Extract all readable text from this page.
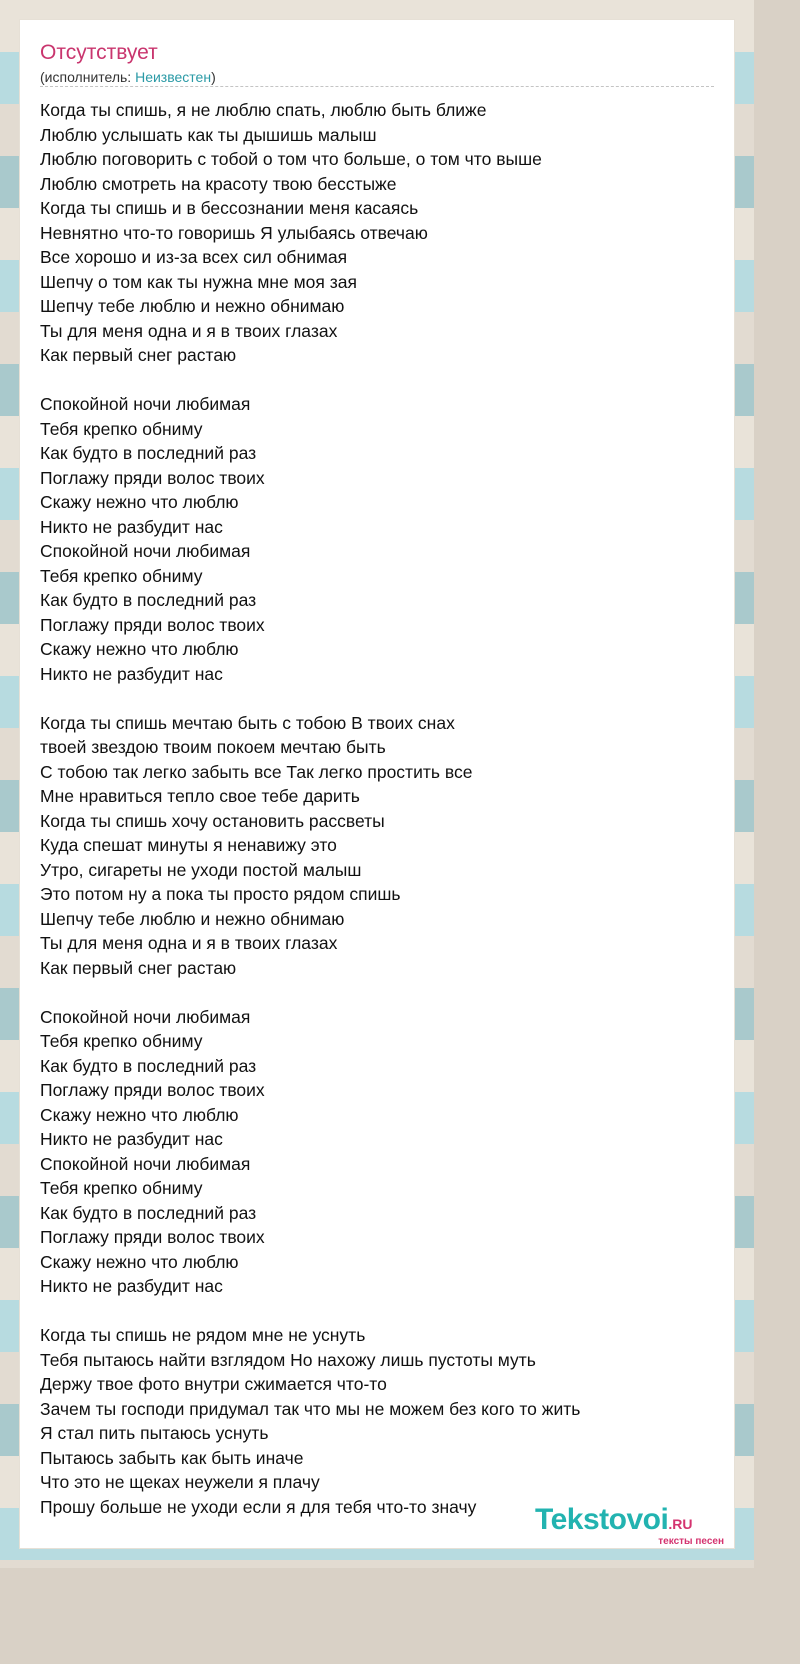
Отсутствует
(исполнитель: Неизвестен)
Когда ты спишь, я не люблю спать, люблю быть ближе
Люблю услышать как ты дышишь малыш
Люблю поговорить с тобой о том что больше, о том что выше
Люблю смотреть на красоту твою бесстыже
Когда ты спишь и в бессознании меня касаясь
Невнятно что-то говоришь Я улыбаясь отвечаю
Все хорошо и из-за всех сил обнимая
Шепчу о том как ты нужна мне моя зая
Шепчу тебе люблю и нежно обнимаю
Ты для меня одна и я в твоих глазах
Как первый снег растаю
Спокойной ночи любимая
Тебя крепко обниму
Как будто в последний раз
Поглажу пряди волос твоих
Скажу нежно что люблю
Никто не разбудит нас
Спокойной ночи любимая
Тебя крепко обниму
Как будто в последний раз
Поглажу пряди волос твоих
Скажу нежно что люблю
Никто не разбудит нас
Когда ты спишь мечтаю быть с тобою В твоих снах
твоей звездою твоим покоем мечтаю быть
С тобою так легко забыть все Так легко простить все
Мне нравиться тепло свое тебе дарить
Когда ты спишь хочу остановить рассветы
Куда спешат минуты я ненавижу это
Утро, сигареты не уходи постой малыш
Это потом ну а пока ты просто рядом спишь
Шепчу тебе люблю и нежно обнимаю
Ты для меня одна и я в твоих глазах
Как первый снег растаю
Спокойной ночи любимая
Тебя крепко обниму
Как будто в последний раз
Поглажу пряди волос твоих
Скажу нежно что люблю
Никто не разбудит нас
Спокойной ночи любимая
Тебя крепко обниму
Как будто в последний раз
Поглажу пряди волос твоих
Скажу нежно что люблю
Никто не разбудит нас
Когда ты спишь не рядом мне не уснуть
Тебя пытаюсь найти взглядом Но нахожу лишь пустоты муть
Держу твое фото внутри сжимается что-то
Зачем ты господи придумал так что мы не можем без кого то жить
Я стал пить пытаюсь уснуть
Пытаюсь забыть как быть иначе
Что это не щеках неужели я плачу
Прошу больше не уходи если я для тебя что-то значу	Tekstovoi.RU
тексты песен
